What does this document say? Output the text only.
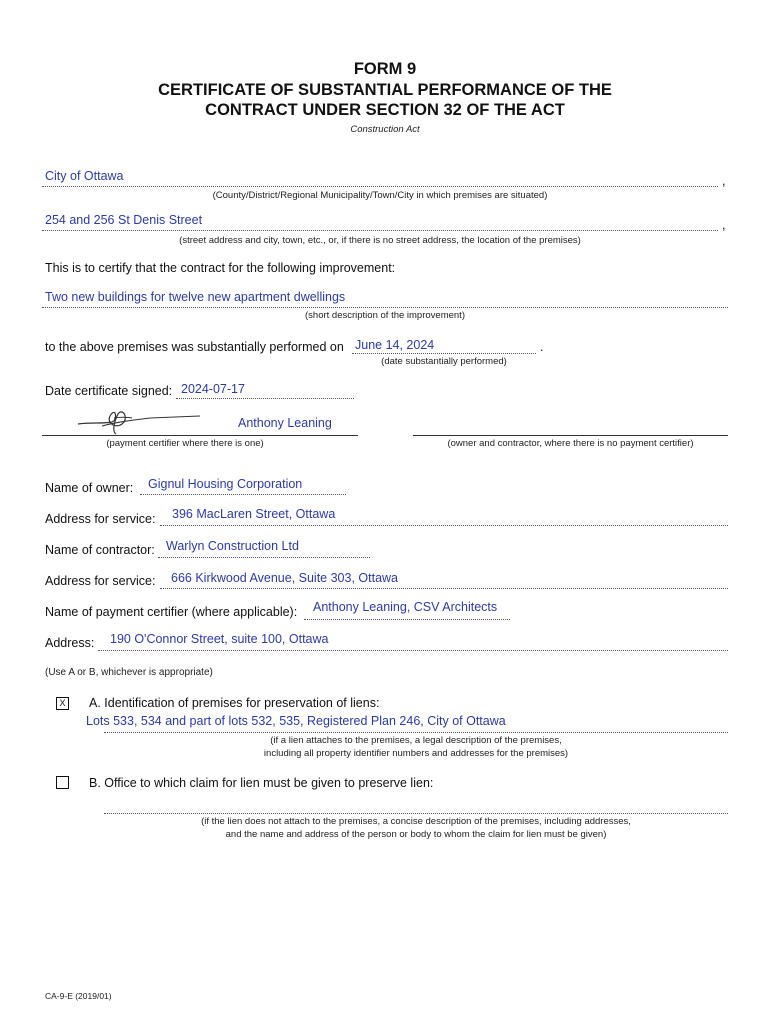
FORM 9
CERTIFICATE OF SUBSTANTIAL PERFORMANCE OF THE
CONTRACT UNDER SECTION 32 OF THE ACT
Construction Act
City of Ottawa	,
(County/District/Regional Municipality/Town/City in which premises are situated)
254 and 256 St Denis Street	,
(street address and city, town, etc., or, if there is no street address, the location of the premises)
This is to certify that the contract for the following improvement:
Two new buildings for twelve new apartment dwellings
(short description of the improvement)
to the above premises was substantially performed on June 14, 2024	.
(date substantially performed)
Date certificate signed: 2024-07-17
Anthony Leaning
(payment certifier where there is one)	(owner and contractor, where there is no payment certifier)
Name of owner: Gignul Housing Corporation
Address for service: 396 MacLaren Street, Ottawa
Name of contractor: Warlyn Construction Ltd
Address for service: 666 Kirkwood Avenue, Suite 303, Ottawa
Name of payment certifier (where applicable): Anthony Leaning, CSV Architects
Address: 190 O'Connor Street, suite 100, Ottawa
(Use A or B, whichever is appropriate)
X A. Identification of premises for preservation of liens:
Lots 533, 534 and part of lots 532, 535, Registered Plan 246, City of Ottawa
(if a lien attaches to the premises, a legal description of the premises,
including all property identifier numbers and addresses for the premises)
B. Office to which claim for lien must be given to preserve lien:
(if the lien does not attach to the premises, a concise description of the premises, including addresses,
and the name and address of the person or body to whom the claim for lien must be given)
CA-9-E (2019/01)
